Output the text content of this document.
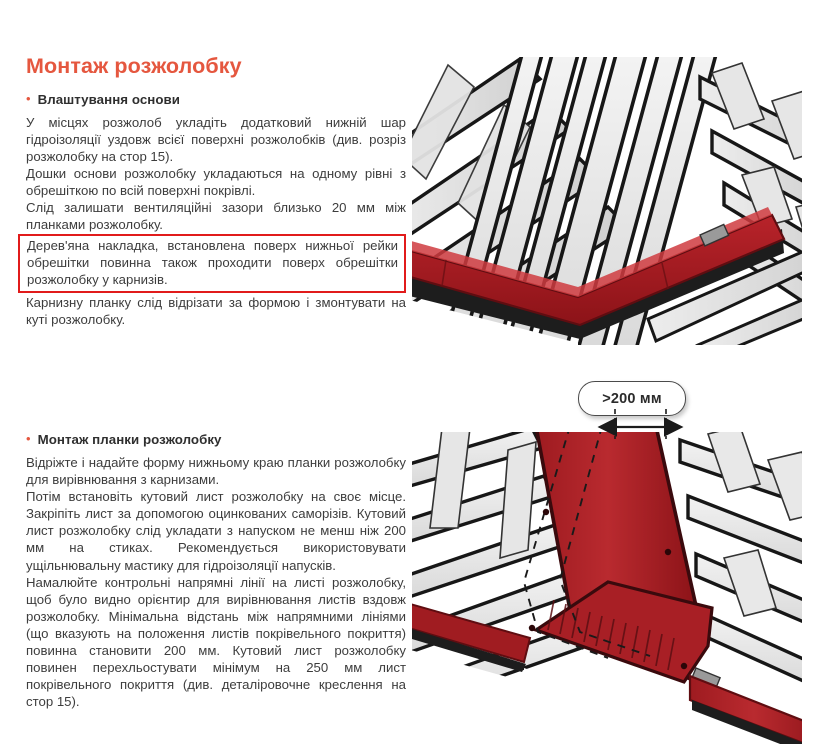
Монтаж розжолобку
• Влаштування основи

У місцях розжолоб укладіть додатковий нижній шар гідроізоляції уздовж всієї поверхні розжолобків (див. розріз розжолобку на стор 15).

Дошки основи розжолобку укладаються на одному рівні з обрешіткою по всій поверхні покрівлі.

Слід залишати вентиляційні зазори близько 20 мм між планками розжолобку.

Дерев'яна накладка, встановлена поверх нижньої рейки обрешітки повинна також проходити поверх обрешітки розжолобку у карнизів.

Карнизну планку слід відрізати за формою і змонтувати на куті розжолобку.

• Монтаж планки розжолобку

Відріжте і надайте форму нижньому краю планки розжолобку для вирівнювання з карнизами.

Потім встановіть кутовий лист розжолобку на своє місце. Закріпіть лист за допомогою оцинкованих саморізів. Кутовий лист розжолобку слід укладати з напуском не менш ніж 200 мм на стиках. Рекомендується використовувати ущільнювальну мастику для гідроізоляції напусків.

Намалюйте контрольні напрямні лінії на листі розжолобку, щоб було видно орієнтир для вирівнювання листів вздовж розжолобку. Мінімальна відстань між напрямними лініями (що вказують на положення листів покрівельного покриття) повинна становити 200 мм. Кутовий лист розжолобку повинен перехльостувати мінімум на 250 мм лист покрівельного покриття (див. деталіровочне креслення на стор 15).

>200 мм
